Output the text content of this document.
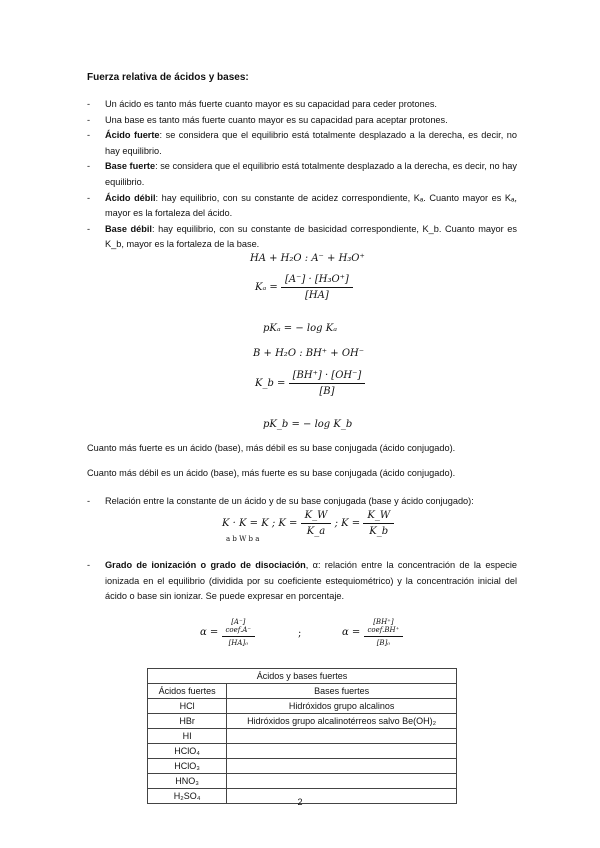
Fuerza relativa de ácidos y bases:
- Un ácido es tanto más fuerte cuanto mayor es su capacidad para ceder protones.
- Una base es tanto más fuerte cuanto mayor es su capacidad para aceptar protones.
- Ácido fuerte: se considera que el equilibrio está totalmente desplazado a la derecha, es decir, no hay equilibrio.
- Base fuerte: se considera que el equilibrio está totalmente desplazado a la derecha, es decir, no hay equilibrio.
- Ácido débil: hay equilibrio, con su constante de acidez correspondiente, Kₐ. Cuanto mayor es Kₐ, mayor es la fortaleza del ácido.
- Base débil: hay equilibrio, con su constante de basicidad correspondiente, K_b. Cuanto mayor es K_b, mayor es la fortaleza de la base.
HA + H₂O : A⁻ + H₃O⁺
$K_a = \frac{\text{[A⁻] · [H₃O⁺]}}{[HA]}$
pKₐ = − log Kₐ
B + H₂O : BH⁺ + OH⁻
K_b = $\frac{[BH^+] \cdot [OH^-]}{[B]}$
pK_b = − log K_b
Cuanto más fuerte es un ácido (base), más débil es su base conjugada (ácido conjugado).
Cuanto más débil es un ácido (base), más fuerte es su base conjugada (ácido conjugado).
-	Relación entre la constante de un ácido y de su base conjugada (base y ácido conjugado):
K · K = K ; $K = \frac{K\_W}{K\_a}$ ; $K = \frac{K\_W}{K\_b}$
a b W b a
-	Grado de ionización o grado de disociación, α: relación entre la concentración de la especie ionizada en el equilibrio (dividida por su coeficiente estequiométrico) y la concentración inicial del ácido o base sin ionizar. Se puede expresar en porcentaje.
α =
[A⁻]
coef.A⁻
[HA]₀
;	α =
[BH⁺]
coef.BH⁺
[B]₀
Ácidos y bases fuertes	
Ácidos fuertes	Bases fuertes
HCl	Hidróxidos grupo alcalinos
HBr	Hidróxidos grupo alcalinotérreos salvo Be(OH)₂
HI	
HClO₄	
HClO₃	
HNO₃	
H₂SO₄	
2
